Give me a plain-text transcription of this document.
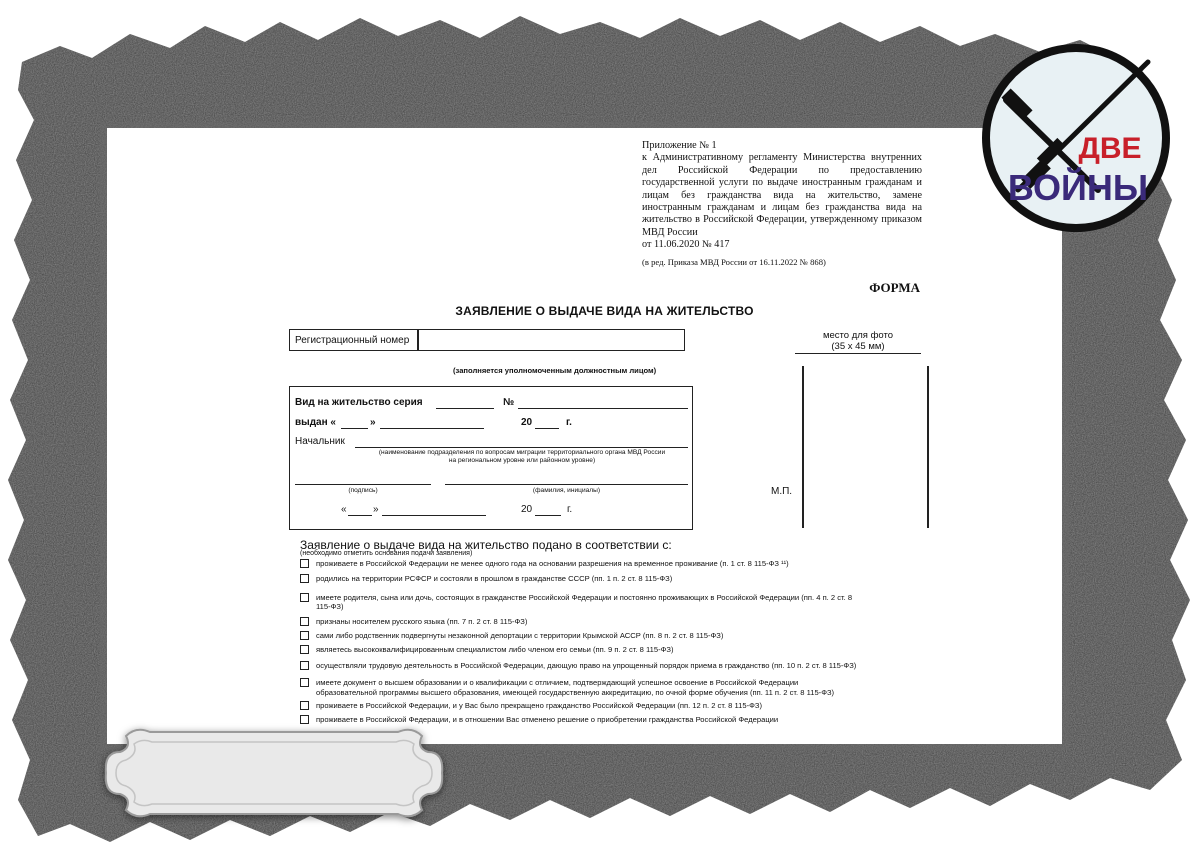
Приложение № 1
к Административному регламенту Министерства внутренних дел Российской Федерации по предоставлению государственной услуги по выдаче иностранным гражданам и лицам без гражданства вида на жительство, замене иностранным гражданам и лицам без гражданства вида на жительство в Российской Федерации, утвержденному приказом МВД России
от 11.06.2020 № 417
(в ред. Приказа МВД России от 16.11.2022 № 868)
ФОРМА
ЗАЯВЛЕНИЕ О ВЫДАЧЕ ВИДА НА ЖИТЕЛЬСТВО
Регистрационный номер
(заполняется уполномоченным должностным лицом)
место для фото
(35 х 45 мм)
М.П.
Вид на жительство серия	№
выдан «	»	20	г.
Начальник
(наименование подразделения по вопросам миграции территориального органа МВД России
на региональном уровне или районном уровне)
(подпись)	(фамилия, инициалы)
«	»	20	г.
Заявление о выдаче вида на жительство подано в соответствии с:
(необходимо отметить основания подачи заявления)
проживаете в Российской Федерации не менее одного года на основании разрешения на временное проживание (п. 1 ст. 8 115-ФЗ ¹¹)
родились на территории РСФСР и состояли в прошлом в гражданстве СССР (пп. 1 п. 2 ст. 8 115-ФЗ)
имеете родителя, сына или дочь, состоящих в гражданстве Российской Федерации и постоянно проживающих в Российской Федерации (пп. 4 п. 2 ст. 8 115-ФЗ)
признаны носителем русского языка (пп. 7 п. 2 ст. 8 115-ФЗ)
сами либо родственник подвергнуты незаконной депортации с территории Крымской АССР (пп. 8 п. 2 ст. 8 115-ФЗ)
являетесь высококвалифицированным специалистом либо членом его семьи (пп. 9 п. 2 ст. 8 115-ФЗ)
осуществляли трудовую деятельность в Российской Федерации, дающую право на упрощенный порядок приема в гражданство (пп. 10 п. 2 ст. 8 115-ФЗ)
имеете документ о высшем образовании и о квалификации с отличием, подтверждающий успешное освоение в Российской Федерации образовательной программы высшего образования, имеющей государственную аккредитацию, по очной форме обучения (пп. 11 п. 2 ст. 8 115-ФЗ)
проживаете в Российской Федерации, и у Вас было прекращено гражданство Российской Федерации (пп. 12 п. 2 ст. 8 115-ФЗ)
проживаете в Российской Федерации, и в отношении Вас отменено решение о приобретении гражданства Российской Федерации
ДВЕ
ВОЙНЫ
